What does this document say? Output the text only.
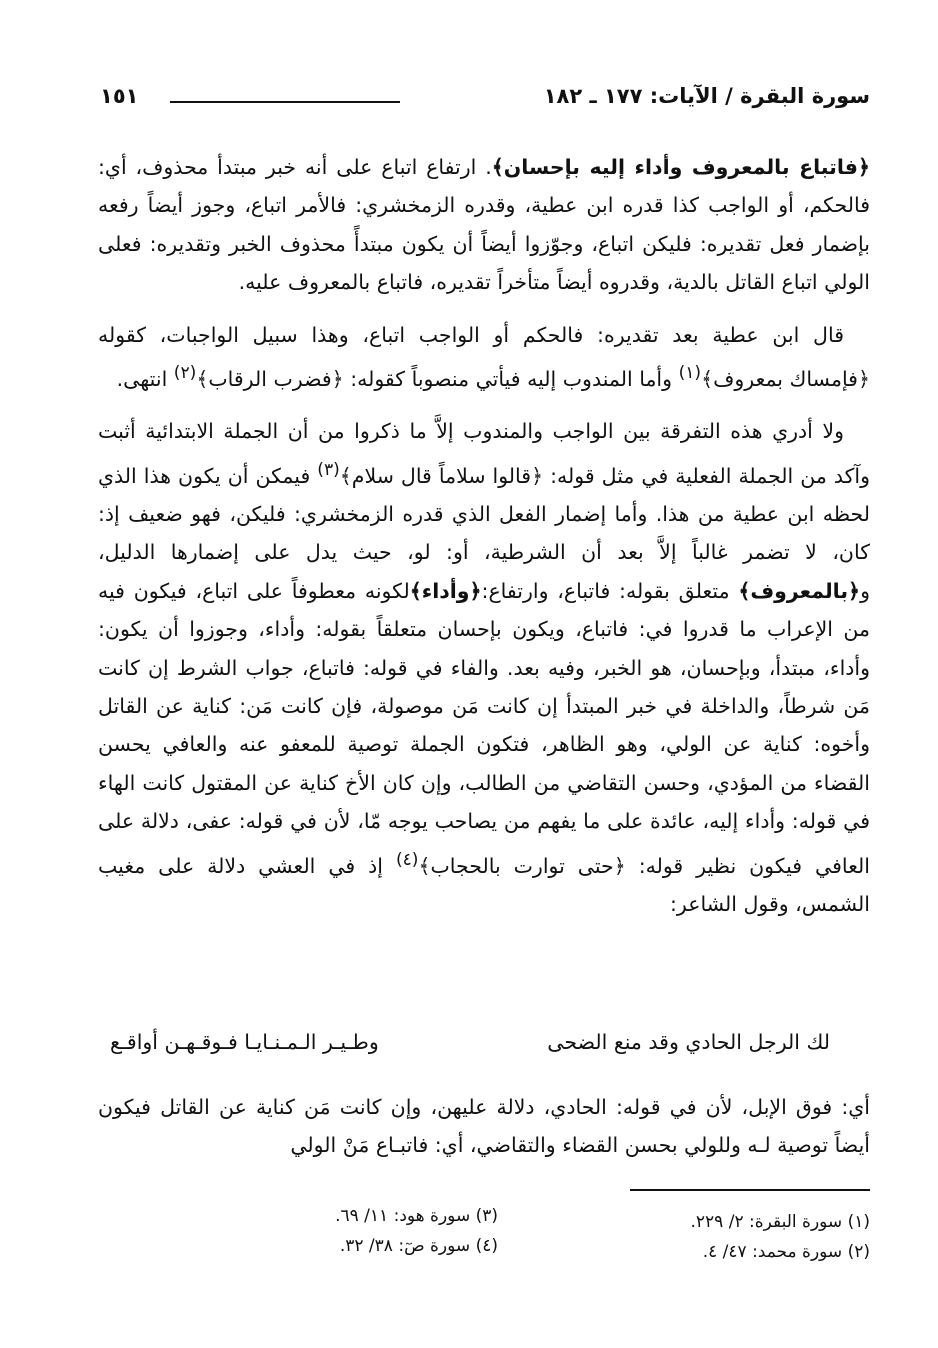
سورة البقرة / الآيات: ١٧٧ ـ ١٨٢
١٥١

﴿فاتباع بالمعروف وأداء إليه بإحسان﴾. ارتفاع اتباع على أنه خبر مبتدأ محذوف، أي: فالحكم، أو الواجب كذا قدره ابن عطية، وقدره الزمخشري: فالأمر اتباع، وجوز أيضاً رفعه بإضمار فعل تقديره: فليكن اتباع، وجوّزوا أيضاً أن يكون مبتدأً محذوف الخبر وتقديره: فعلى الولي اتباع القاتل بالدية، وقدروه أيضاً متأخراً تقديره، فاتباع بالمعروف عليه.

قال ابن عطية بعد تقديره: فالحكم أو الواجب اتباع، وهذا سبيل الواجبات، كقوله ﴿فإمساك بمعروف﴾$^{(١)}$ وأما المندوب إليه فيأتي منصوباً كقوله: ﴿فضرب الرقاب﴾$^{(٢)}$ انتهى.

ولا أدري هذه التفرقة بين الواجب والمندوب إلاَّ ما ذكروا من أن الجملة الابتدائية أثبت وآكد من الجملة الفعلية في مثل قوله: ﴿قالوا سلاماً قال سلام﴾$^{(٣)}$ فيمكن أن يكون هذا الذي لحظه ابن عطية من هذا. وأما إضمار الفعل الذي قدره الزمخشري: فليكن، فهو ضعيف إذ: كان، لا تضمر غالباً إلاَّ بعد أن الشرطية، أو: لو، حيث يدل على إضمارها الدليل، و﴿بالمعروف﴾ متعلق بقوله: فاتباع، وارتفاع:﴿وأداء﴾لكونه معطوفاً على اتباع، فيكون فيه من الإعراب ما قدروا في: فاتباع، ويكون بإحسان متعلقاً بقوله: وأداء، وجوزوا أن يكون: وأداء، مبتدأ، وبإحسان، هو الخبر، وفيه بعد. والفاء في قوله: فاتباع، جواب الشرط إن كانت مَن شرطاً، والداخلة في خبر المبتدأ إن كانت مَن موصولة، فإن كانت مَن: كناية عن القاتل وأخوه: كناية عن الولي، وهو الظاهر، فتكون الجملة توصية للمعفو عنه والعافي يحسن القضاء من المؤدي، وحسن التقاضي من الطالب، وإن كان الأخ كناية عن المقتول كانت الهاء في قوله: وأداء إليه، عائدة على ما يفهم من يصاحب يوجه مّا، لأن في قوله: عفى، دلالة على العافي فيكون نظير قوله: ﴿حتى توارت بالحجاب﴾$^{(٤)}$ إذ في العشي دلالة على مغيب الشمس، وقول الشاعر:

لك الرجل الحادي وقد منع الضحى
وطـيـر الـمـنـايـا فـوقـهـن أواقـع

أي: فوق الإبل، لأن في قوله: الحادي، دلالة عليهن، وإن كانت مَن كناية عن القاتل فيكون أيضاً توصية لـه وللولي بحسن القضاء والتقاضي، أي: فاتبـاع مَنْ الولي

(١) سورة البقرة: ٢/ ٢٢٩.
(٢) سورة محمد: ٤٧/ ٤.
(٣) سورة هود: ١١/ ٦٩.
(٤) سورة صٓ: ٣٨/ ٣٢.
